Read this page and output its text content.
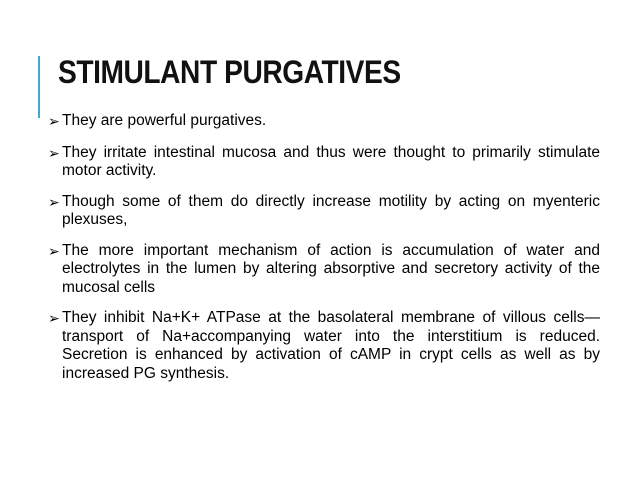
STIMULANT PURGATIVES
➢ They are powerful purgatives.
➢ They irritate intestinal mucosa and thus were thought to primarily stimulate motor activity.
➢ Though some of them do directly increase motility by acting on myenteric plexuses,
➢ The more important mechanism of action is accumulation of water and electrolytes in the lumen by altering absorptive and secretory activity of the mucosal cells
➢ They inhibit Na+K+ ATPase at the basolateral membrane of villous cells—transport of Na+accompanying water into the interstitium is reduced. Secretion is enhanced by activation of cAMP in crypt cells as well as by increased PG synthesis.
